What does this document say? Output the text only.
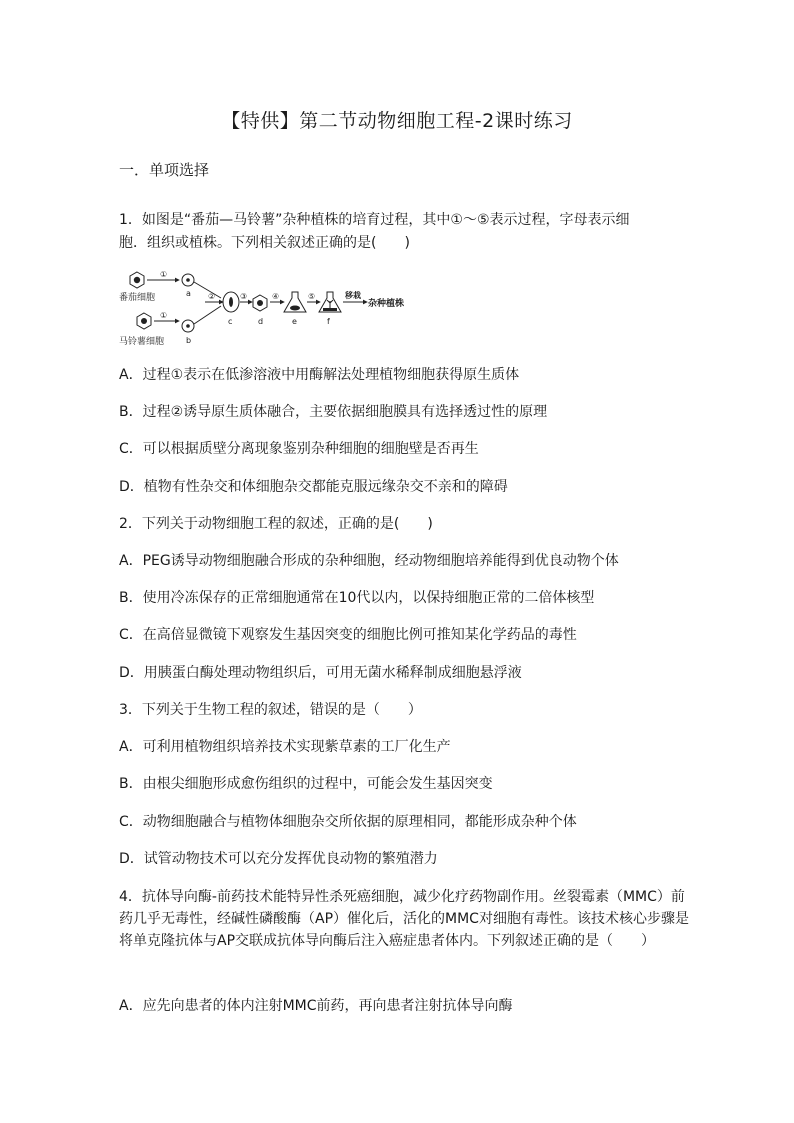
【特供】第二节动物细胞工程-2课时练习
一．单项选择
1．如图是“番茄—马铃薯”杂种植株的培育过程，其中①～⑤表示过程，字母表示细
胞．组织或植株。下列相关叙述正确的是(　　)
番茄细胞
①
a
马铃薯细胞
①
b
②
c
③
d
④
e
⑤
f
移栽
杂种植株
A．过程①表示在低渗溶液中用酶解法处理植物细胞获得原生质体
B．过程②诱导原生质体融合，主要依据细胞膜具有选择透过性的原理
C．可以根据质壁分离现象鉴别杂种细胞的细胞壁是否再生
D．植物有性杂交和体细胞杂交都能克服远缘杂交不亲和的障碍
2．下列关于动物细胞工程的叙述，正确的是(　　)
A．PEG诱导动物细胞融合形成的杂种细胞，经动物细胞培养能得到优良动物个体
B．使用冷冻保存的正常细胞通常在10代以内，以保持细胞正常的二倍体核型
C．在高倍显微镜下观察发生基因突变的细胞比例可推知某化学药品的毒性
D．用胰蛋白酶处理动物组织后，可用无菌水稀释制成细胞悬浮液
3．下列关于生物工程的叙述，错误的是（　　）
A．可利用植物组织培养技术实现紫草素的工厂化生产
B．由根尖细胞形成愈伤组织的过程中，可能会发生基因突变
C．动物细胞融合与植物体细胞杂交所依据的原理相同，都能形成杂种个体
D．试管动物技术可以充分发挥优良动物的繁殖潜力
4．抗体导向酶-前药技术能特异性杀死癌细胞，减少化疗药物副作用。丝裂霉素（MMC）前药几乎无毒性，经碱性磷酸酶（AP）催化后，活化的MMC对细胞有毒性。该技术核心步骤是将单克隆抗体与AP交联成抗体导向酶后注入癌症患者体内。下列叙述正确的是（　　）
A．应先向患者的体内注射MMC前药，再向患者注射抗体导向酶
